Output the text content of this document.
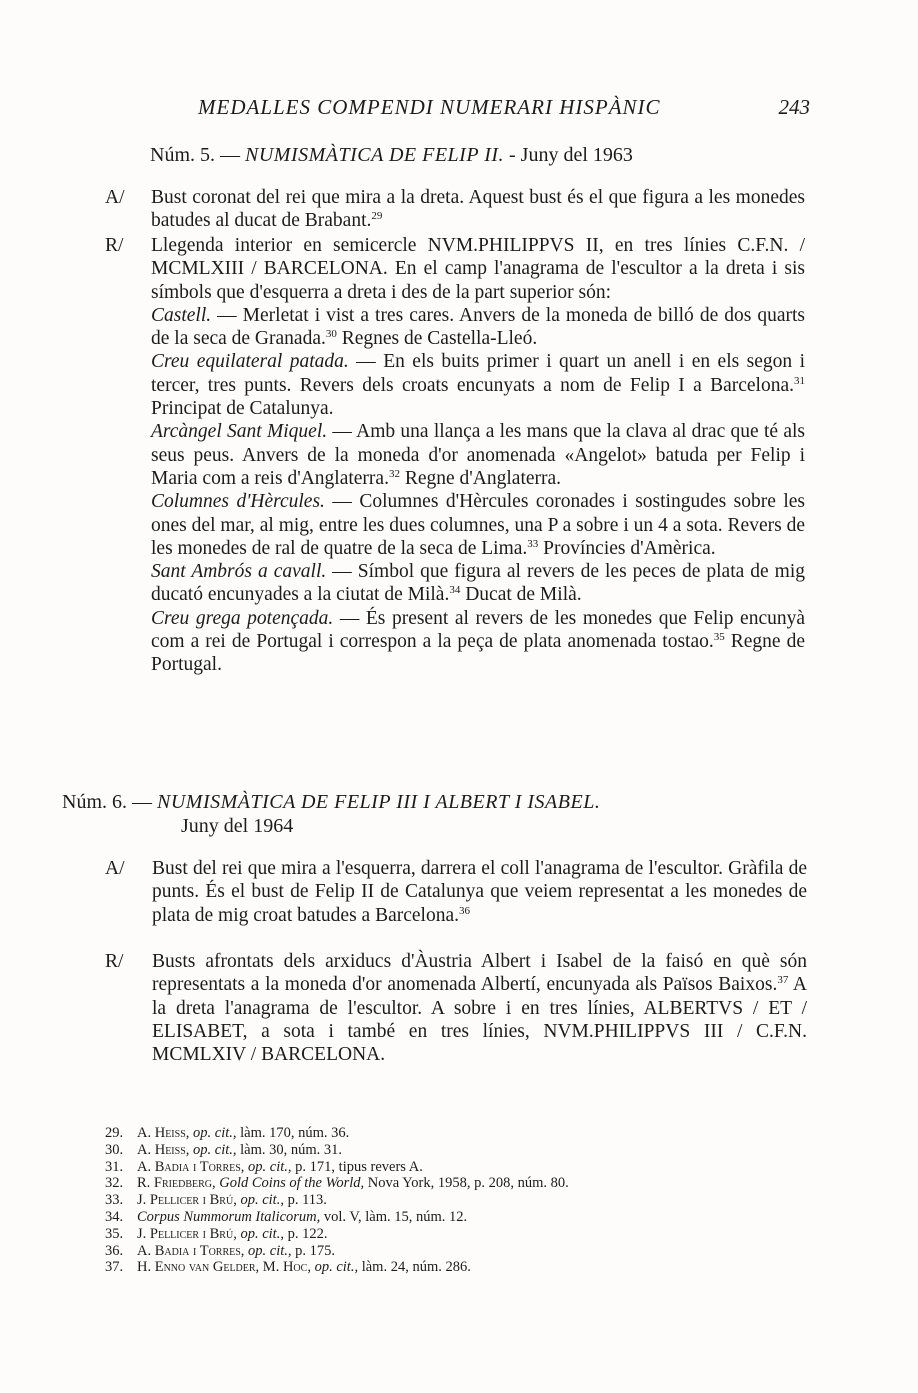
MEDALLES COMPENDI NUMERARI HISPÀNIC	243
Núm. 5. — NUMISMÀTICA DE FELIP II. - Juny del 1963
A/ Bust coronat del rei que mira a la dreta. Aquest bust és el que figura a les monedes batudes al ducat de Brabant.$^{29}$

R/ Llegenda interior en semicercle NVM.PHILIPPVS II, en tres línies C.F.N. / MCMLXIII / BARCELONA. En el camp l'anagrama de l'escultor a la dreta i sis símbols que d'esquerra a dreta i des de la part superior són:

Castell. — Merletat i vist a tres cares. Anvers de la moneda de billó de dos quarts de la seca de Granada.$^{30}$ Regnes de Castella-Lleó.

Creu equilateral patada. — En els buits primer i quart un anell i en els segon i tercer, tres punts. Revers dels croats encunyats a nom de Felip I a Barcelona.$^{31}$ Principat de Catalunya.

Arcàngel Sant Miquel. — Amb una llança a les mans que la clava al drac que té als seus peus. Anvers de la moneda d'or anomenada «Angelot» batuda per Felip i Maria com a reis d'Anglaterra.$^{32}$ Regne d'Anglaterra.

Columnes d'Hèrcules. — Columnes d'Hèrcules coronades i sostingudes sobre les ones del mar, al mig, entre les dues columnes, una P a sobre i un 4 a sota. Revers de les monedes de ral de quatre de la seca de Lima.$^{33}$ Províncies d'Amèrica.

Sant Ambrós a cavall. — Símbol que figura al revers de les peces de plata de mig ducató encunyades a la ciutat de Milà.$^{34}$ Ducat de Milà.

Creu grega potençada. — És present al revers de les monedes que Felip encunyà com a rei de Portugal i correspon a la peça de plata anomenada tostao.$^{35}$ Regne de Portugal.

Núm. 6. — NUMISMÀTICA DE FELIP III I ALBERT I ISABEL.
Juny del 1964
A/ Bust del rei que mira a l'esquerra, darrera el coll l'anagrama de l'escultor. Gràfila de punts. És el bust de Felip II de Catalunya que veiem representat a les monedes de plata de mig croat batudes a Barcelona.$^{36}$

R/ Busts afrontats dels arxiducs d'Àustria Albert i Isabel de la faisó en què són representats a la moneda d'or anomenada Albertí, encunyada als Països Baixos.$^{37}$ A la dreta l'anagrama de l'escultor. A sobre i en tres línies, ALBERTVS / ET / ELISABET, a sota i també en tres línies, NVM.PHILIPPVS III / C.F.N. MCMLXIV / BARCELONA.

29. A. Heiss, op. cit., làm. 170, núm. 36.
30. A. Heiss, op. cit., làm. 30, núm. 31.
31. A. Badia i Torres, op. cit., p. 171, tipus revers A.
32. R. Friedberg, Gold Coins of the World, Nova York, 1958, p. 208, núm. 80.
33. J. Pellicer i Brú, op. cit., p. 113.
34. Corpus Nummorum Italicorum, vol. V, làm. 15, núm. 12.
35. J. Pellicer i Brú, op. cit., p. 122.
36. A. Badia i Torres, op. cit., p. 175.
37. H. Enno van Gelder, M. Hoc, op. cit., làm. 24, núm. 286.
